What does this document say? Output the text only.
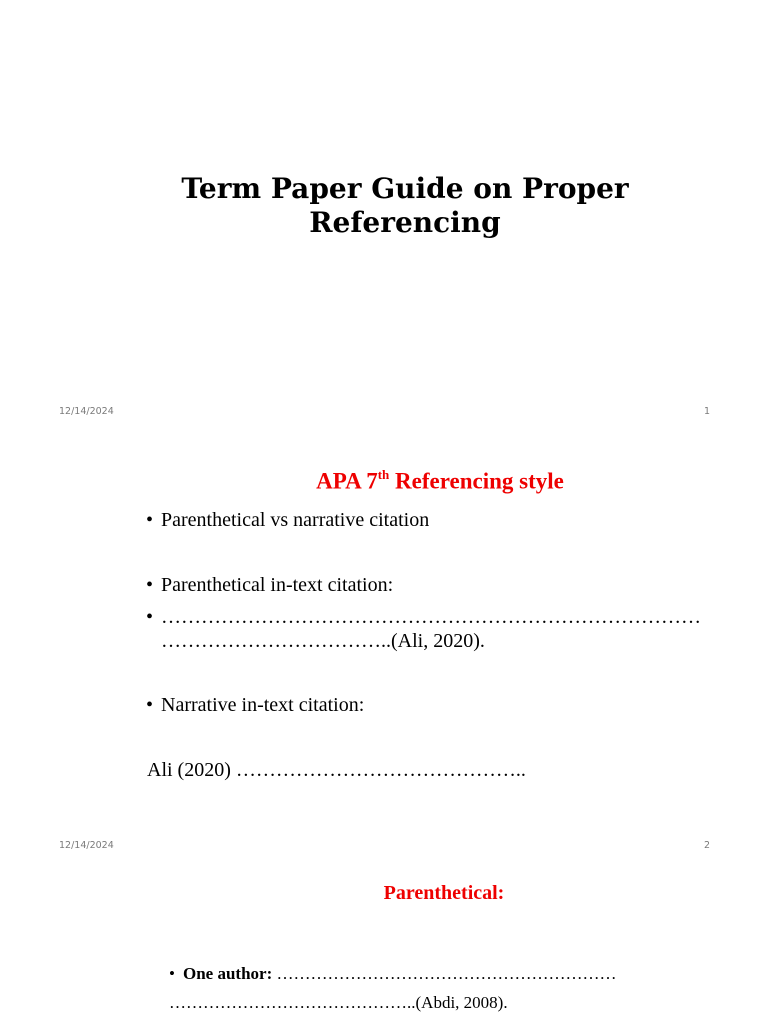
Term Paper Guide on Proper
Referencing
12/14/2024	1
APA 7th Referencing style
• Parenthetical vs narrative citation
• Parenthetical in-text citation:
• ………………………………………………………………………
……………………………..(Ali, 2020).
• Narrative in-text citation:
Ali (2020) ……………………………………..
12/14/2024	2
Parenthetical:
• One author: ……………………………………………………
……………………………………..(Abdi, 2008).
